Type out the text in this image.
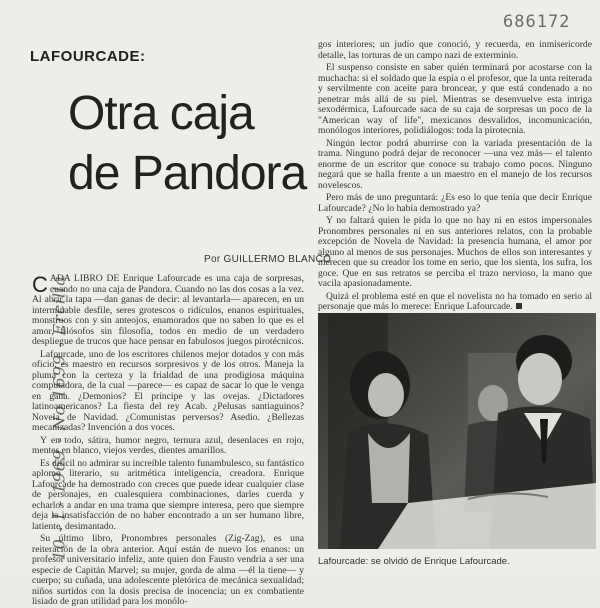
686172
10 - I - 1969 - No 1699 - Ercilla
LAFOURCADE:
Otra caja
de Pandora
Por GUILLERMO BLANCO

CADA LIBRO DE Enrique Lafourcade es una caja de sorpresas, cuando no una caja de Pandora. Cuando no las dos cosas a la vez. Al abrir la tapa —dan ganas de decir: al levantarla— aparecen, en un interminable desfile, seres grotescos o ridículos, enanos espirituales, monstruos con y sin anteojos, enamorados que no saben lo que es el amor, filósofos sin filosofía, todos en medio de un verdadero despliegue de trucos que hace pensar en fabulosos juegos pirotécnicos.

Lafourcade, uno de los escritores chilenos mejor dotados y con más oficio, es maestro en recursos sorpresivos y de los otros. Maneja la pluma con la certeza y la frialdad de una prodigiosa máquina computadora, de la cual —parece— es capaz de sacar lo que le venga en gana. ¿Demonios? El príncipe y las ovejas. ¿Dictadores latinoamericanos? La fiesta del rey Acab. ¿Pelusas santiaguinos? Novela de Navidad. ¿Comunistas perversos? Asedio. ¿Bellezas mecanizadas? Invención a dos voces.

Y en todo, sátira, humor negro, ternura azul, desenlaces en rojo, mentes en blanco, viejos verdes, dientes amarillos.

Es difícil no admirar su increíble talento funambulesco, su fantástico aplomo literario, su aritmética inteligencia, creadora. Enrique Lafourcade ha demostrado con creces que puede idear cualquier clase de personajes, en cualesquiera combinaciones, darles cuerda y echarlos a andar en una trama que siempre interesa, pero que siempre deja la insatisfacción de no haber encontrado a un ser humano libre, latiente, desimantado.

Su último libro, Pronombres personales (Zig-Zag), es una reiteración de la obra anterior. Aquí están de nuevo los enanos: un profesor universitario infeliz, ante quien don Fausto vendría a ser una especie de Capitán Marvel; su mujer, gorda de alma —él la tiene— y cuerpo; su cuñada, una adolescente pletórica de mecánica sexualidad; niños surtidos con la dosis precisa de inocencia; un ex combatiente lisiado de gran utilidad para los monólo-

gos interiores; un judío que conoció, y recuerda, en inmisericorde detalle, las torturas de un campo nazi de exterminio.

El suspenso consiste en saber quién terminará por acostarse con la muchacha: si el soldado que la espía o el profesor, que la unta reiterada y servilmente con aceite para broncear, y que está condenado a no penetrar más allá de su piel. Mientras se desenvuelve esta intriga sexodérmica, Lafourcade saca de su caja de sorpresas un poco de la "American way of life", mexicanos desvalidos, incomunicación, monólogos interiores, polidiálogos: toda la pirotecnia.

Ningún lector podrá aburrirse con la variada presentación de la trama. Ninguno podrá dejar de reconocer —una vez más— el talento enorme de un escritor que conoce su trabajo como pocos. Ninguno negará que se halla frente a un maestro en el manejo de los recursos novelescos.

Pero más de uno preguntará: ¿Es eso lo que tenía que decir Enrique Lafourcade? ¿No lo había demostrado ya?

Y no faltará quien le pida lo que no hay ni en estos impersonales Pronombres personales ni en sus anteriores relatos, con la probable excepción de Novela de Navidad: la presencia humana, el amor por alguno al menos de sus personajes. Muchos de ellos son interesantes y merecen que su creador los tome en serio, que los sienta, los sufra, los goce. Que en sus retratos se perciba el trazo nervioso, la mano que vacila apasionadamente.

Quizá el problema esté en que el novelista no ha tomado en serio al personaje que más lo merece: Enrique Lafourcade.

Lafourcade: se olvidó de Enrique Lafourcade.
